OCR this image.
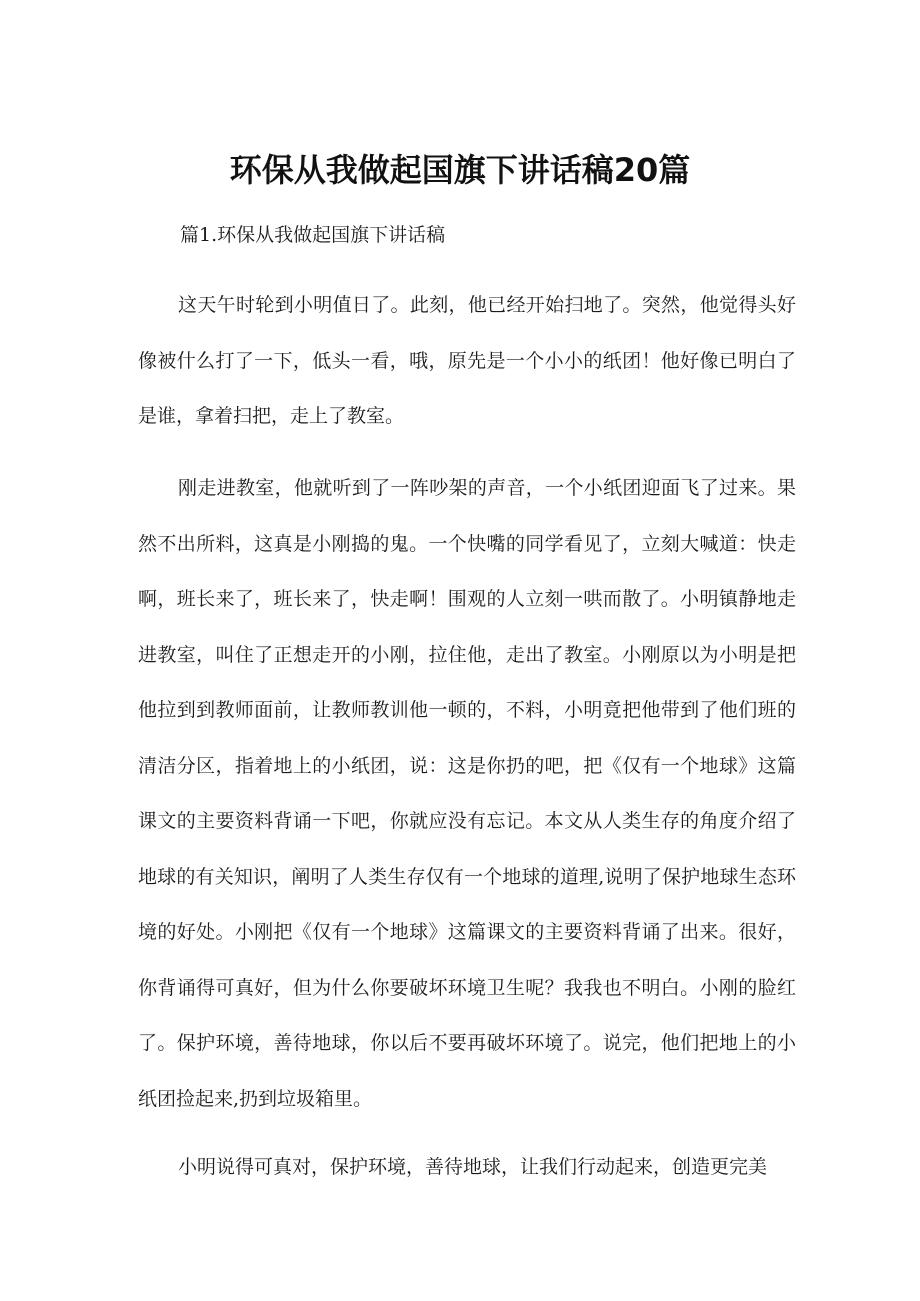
环保从我做起国旗下讲话稿20篇
篇1.环保从我做起国旗下讲话稿

这天午时轮到小明值日了。此刻，他已经开始扫地了。突然，他觉得头好像被什么打了一下，低头一看，哦，原先是一个小小的纸团！他好像已明白了是谁，拿着扫把，走上了教室。

刚走进教室，他就听到了一阵吵架的声音，一个小纸团迎面飞了过来。果然不出所料，这真是小刚捣的鬼。一个快嘴的同学看见了，立刻大喊道：快走啊，班长来了，班长来了，快走啊！围观的人立刻一哄而散了。小明镇静地走进教室，叫住了正想走开的小刚，拉住他，走出了教室。小刚原以为小明是把他拉到到教师面前，让教师教训他一顿的，不料，小明竟把他带到了他们班的清洁分区，指着地上的小纸团，说：这是你扔的吧，把《仅有一个地球》这篇课文的主要资料背诵一下吧，你就应没有忘记。本文从人类生存的角度介绍了地球的有关知识，阐明了人类生存仅有一个地球的道理,说明了保护地球生态环境的好处。小刚把《仅有一个地球》这篇课文的主要资料背诵了出来。很好，你背诵得可真好，但为什么你要破坏环境卫生呢？我我也不明白。小刚的脸红了。保护环境，善待地球，你以后不要再破坏环境了。说完，他们把地上的小纸团捡起来,扔到垃圾箱里。

小明说得可真对，保护环境，善待地球，让我们行动起来，创造更完美
